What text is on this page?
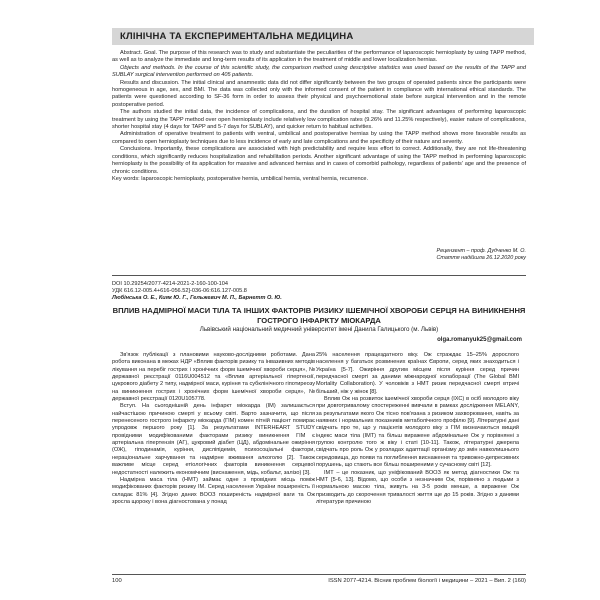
КЛІНІЧНА ТА ЕКСПЕРИМЕНТАЛЬНА МЕДИЦИНА

Abstract. Goal. The purpose of this research was to study and substantiate the peculiarities of the performance of laparoscopic hernioplasty by using TAPP method, as well as to analyze the immediate and long-term results of its application in the treatment of middle and lower localization hernias.

Objects and methods. In the course of this scientific study, the comparison method using descriptive statistics was used based on the results of the TAPP and SUBLAY surgical intervention performed on 405 patients.

Results and discussion. The initial clinical and anamnestic data did not differ significantly between the two groups of operated patients since the participants were homogeneous in age, sex, and BMI. The data was collected only with the informed consent of the patient in compliance with international ethical standards. The patients were questioned according to SF-36 form in order to assess their physical and psychoemotional state before surgical intervention and in the remote postoperative period.

The authors studied the initial data, the incidence of complications, and the duration of hospital stay. The significant advantages of performing laparoscopic treatment by using the TAPP method over open hernioplasty include relatively low complication rates (9.26% and 11.25% respectively), easier nature of complications, shorter hospital stay (4 days for TAPP and 5-7 days for SUBLAY), and quicker return to habitual activities.

Administration of operative treatment to patients with ventral, umbilical and postoperative hernias by using the TAPP method shows more favorable results as compared to open hernioplasty techniques due to less incidence of early and late complications and the specificity of their nature and severity.

Conclusions. Importantly, these complications are associated with high predictability and require less effort to correct. Additionally, they are not life-threatening conditions, which significantly reduces hospitalization and rehabilitation periods. Another significant advantage of using the TAPP method in performing laparoscopic hernioplasty is the possibility of its application for massive and advanced hernias and in cases of comorbid pathology, regardless of patients' age and the presence of chronic conditions.

Key words: laparoscopic hernioplasty, postoperative hernia, umbilical hernia, ventral hernia, recurrence.

Рецензент – проф. Дудченко М. О.
Стаття надійшла 26.12.2020 року
DOI 10.29254/2077-4214-2021-2-160-100-104
УДК 616.12-005.4+616-056.52]-036-06:616.127-005.8
Любінська О. Е., Кияк Ю. Г., Гельжевич М. П., Барнетт О. Ю.
ВПЛИВ НАДМІРНОЇ МАСИ ТІЛА ТА ІНШИХ ФАКТОРІВ РИЗИКУ ІШЕМІЧНОЇ ХВОРОБИ СЕРЦЯ НА ВИНИКНЕННЯ ГОСТРОГО ІНФАРКТУ МІОКАРДА
Львівський національний медичний університет імені Данила Галицького (м. Львів)
olga.romanyuk25@gmail.com

Зв'язок публікації з плановими науково-дослідними роботами. Дана робота виконана в межах НДР «Вплив факторів ризику та інвазивних методів лікування на перебіг гострих і хронічних форм ішемічної хвороби серця», № державної реєстрації 0116U004512 та «Вплив артеріальної гіпертензії, цукрового діабету 2 типу, надмірної маси, куріння та субклінічного гіпотиреозу на виникнення гострих і хронічних форм ішемічної хвороби серця», № державної реєстрації 0120U105778.

Вступ. На сьогоднішній день інфаркт міокарда (ІМ) залишається найчастішою причиною смерті у всьому світі. Варто зазначити, що після перенесеного гострого інфаркту міокарда (ГІМ) комен пітній пацієнт помирає упродовж першого року [1]. За результатами INTERHEART STUDY провідними модифікованими факторами ризику виникнення ГІМ є артеріальна гіпертензія (АГ), цукровий діабет (ЦД), абдомінальне ожиріння (ОЖ), гіподинамія, куріння, дисліпідемія, психосоціальні фактори, нераціональне харчування та надмірне вживання алкоголю [2]. Також важливе місце серед етіологічних факторів виникнення серцевої недостатності належить економічним (виснаження, мідь, кобальт, залізо) [3].

Надмірна маса тіла (НМТ) займає одне з провідних місць поміж модифікованих факторів ризику ІМ. Серед населення України поширеність її складає 81% [4]. Згідно даних ВООЗ поширеність надмірної ваги та Ож зросла щороку і вона діагностована у понад

25% населення працездатного віку. Ож страждає 15–25% дорослого населення у багатьох розвинених країнах Європи, серед яких знаходиться і Україна [5-7]. Ожиріння другим місцем після куріння серед причин передчасної смерті за даними міжнародної колаборації (The Global BMI Mortality Collaboration). У чоловіків з НМТ ризик передчасної смерті втричі більший, ніж у жінок [8].

Вплив Ож на розвиток ішемічної хвороби серця (ІХС) в осіб молодого віку при довготривалому спостереженні вивчали в рамках дослідження MELANY, за результатами якого Ож тісно пов'язана з ризиком захворювання, навіть за наявних і нормальних показників метаболічного профілю [9]. Літературні дані свідчать про те, що у пацієнтів молодого віку з ГІМ визначаються вищий індекс маси тіла (ІМТ) та більш виражене абдомінальне Ож у порівнянні з групою контролю того ж віку і статі [10-11]. Також, літературні джерела свідчать про роль Ож у розладах адаптації організму до змін навколишнього середовища, до появи та поглиблення виснаження та тривожно-депресивних порушень, що стають все більш поширеними у сучасному світі [12].

ІМТ – це показник, що уніфікований ВООЗ як метод діагностики Ож та НМТ [5-6, 13]. Відомо, що особи з незначним Ож, порівняно з людьми з нормальною масою тіла, живуть на 3-5 років менше, а виражене Ож призводить до скорочення тривалості життя ще до 15 років. Згідно з даними літератури причиною

100	ISSN 2077-4214. Вісник проблем біології і медицини – 2021 – Вип. 2 (160)
